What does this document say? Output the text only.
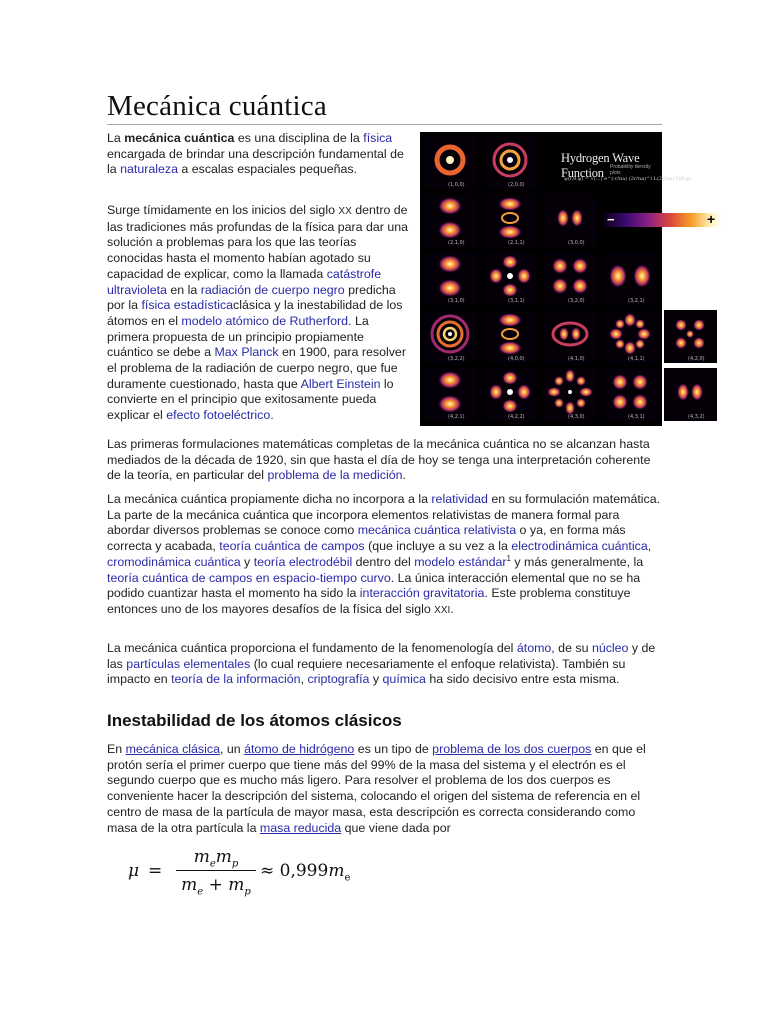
Mecánica cuántica

La mecánica cuántica es una disciplina de la física encargada de brindar una descripción fundamental de la naturaleza a escalas espaciales pequeñas.

Surge tímidamente en los inicios del siglo XX dentro de las tradiciones más profundas de la física para dar una solución a problemas para los que las teorías conocidas hasta el momento habían agotado su capacidad de explicar, como la llamada catástrofe ultravioleta en la radiación de cuerpo negro predicha por la física estadísticaclásica y la inestabilidad de los átomos en el modelo atómico de Rutherford. La primera propuesta de un principio propiamente cuántico se debe a Max Planck en 1900, para resolver el problema de la radiación de cuerpo negro, que fue duramente cuestionado, hasta que Albert Einstein lo convierte en el principio que exitosamente pueda explicar el efecto fotoeléctrico.

Las primeras formulaciones matemáticas completas de la mecánica cuántica no se alcanzan hasta mediados de la década de 1920, sin que hasta el día de hoy se tenga una interpretación coherente de la teoría, en particular del problema de la medición.

La mecánica cuántica propiamente dicha no incorpora a la relatividad en su formulación matemática. La parte de la mecánica cuántica que incorpora elementos relativistas de manera formal para abordar diversos problemas se conoce como mecánica cuántica relativista o ya, en forma más correcta y acabada, teoría cuántica de campos (que incluye a su vez a la electrodinámica cuántica, cromodinámica cuántica y teoría electrodébil dentro del modelo estándar$^1$ y más generalmente, la teoría cuántica de campos en espacio-tiempo curvo. La única interacción elemental que no se ha podido cuantizar hasta el momento ha sido la interacción gravitatoria. Este problema constituye entonces uno de los mayores desafíos de la física del siglo XXI.

La mecánica cuántica proporciona el fundamento de la fenomenología del átomo, de su núcleo y de las partículas elementales (lo cual requiere necesariamente el enfoque relativista). También su impacto en teoría de la información, criptografía y química ha sido decisivo entre esta misma.

Inestabilidad de los átomos clásicos

En mecánica clásica, un átomo de hidrógeno es un tipo de problema de los dos cuerpos en que el protón sería el primer cuerpo que tiene más del 99% de la masa del sistema y el electrón es el segundo cuerpo que es mucho más ligero. Para resolver el problema de los dos cuerpos es conveniente hacer la descripción del sistema, colocando el origen del sistema de referencia en el centro de masa de la partícula de mayor masa, esta descripción es correcta considerando como masa de la otra partícula la masa reducida que viene dada por

Hydrogen Wave Function	Probability density plots
ψ(r,θ,φ) = √(...) e^(-r/na) (2r/na)^l L(2r/na)·Y(θ,φ)
−	+
(1,0,0)	(2,0,0)
(2,1,0)	(2,1,1)	(3,0,0)
(3,1,0)	(3,1,1)	(3,2,0)	(3,2,1)
(3,2,2)	(4,0,0)	(4,1,0)	(4,1,1)	(4,2,0)
(4,2,1)	(4,2,2)	(4,3,0)	(4,3,1)	(4,3,2)
μ =
$m_em_p$
$m_e + m_p$
≈ $0,999m_e$
